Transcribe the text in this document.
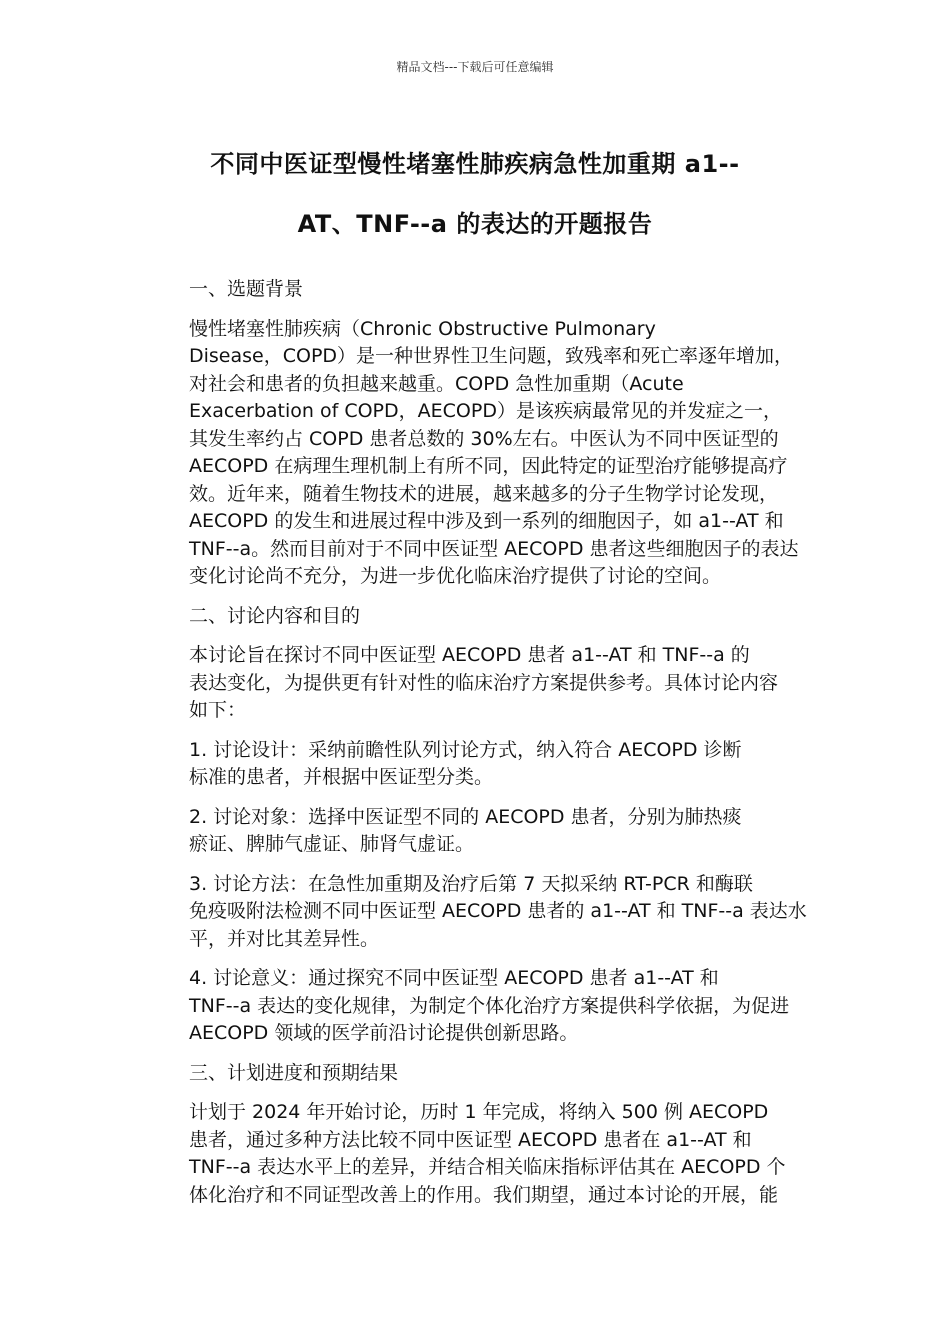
精品文档---下载后可任意编辑
不同中医证型慢性堵塞性肺疾病急性加重期 a1--
AT、TNF--a 的表达的开题报告

一、选题背景

慢性堵塞性肺疾病（Chronic Obstructive Pulmonary
Disease，COPD）是一种世界性卫生问题，致残率和死亡率逐年增加，
对社会和患者的负担越来越重。COPD 急性加重期（Acute
Exacerbation of COPD，AECOPD）是该疾病最常见的并发症之一，
其发生率约占 COPD 患者总数的 30%左右。中医认为不同中医证型的
AECOPD 在病理生理机制上有所不同，因此特定的证型治疗能够提高疗
效。近年来，随着生物技术的进展，越来越多的分子生物学讨论发现，
AECOPD 的发生和进展过程中涉及到一系列的细胞因子，如 a1--AT 和
TNF--a。然而目前对于不同中医证型 AECOPD 患者这些细胞因子的表达
变化讨论尚不充分，为进一步优化临床治疗提供了讨论的空间。

二、讨论内容和目的

本讨论旨在探讨不同中医证型 AECOPD 患者 a1--AT 和 TNF--a 的
表达变化，为提供更有针对性的临床治疗方案提供参考。具体讨论内容
如下：

1. 讨论设计：采纳前瞻性队列讨论方式，纳入符合 AECOPD 诊断
标准的患者，并根据中医证型分类。

2. 讨论对象：选择中医证型不同的 AECOPD 患者，分别为肺热痰
瘀证、脾肺气虚证、肺肾气虚证。

3. 讨论方法：在急性加重期及治疗后第 7 天拟采纳 RT-PCR 和酶联
免疫吸附法检测不同中医证型 AECOPD 患者的 a1--AT 和 TNF--a 表达水
平，并对比其差异性。

4. 讨论意义：通过探究不同中医证型 AECOPD 患者 a1--AT 和
TNF--a 表达的变化规律，为制定个体化治疗方案提供科学依据，为促进
AECOPD 领域的医学前沿讨论提供创新思路。

三、计划进度和预期结果

计划于 2024 年开始讨论，历时 1 年完成，将纳入 500 例 AECOPD
患者，通过多种方法比较不同中医证型 AECOPD 患者在 a1--AT 和
TNF--a 表达水平上的差异，并结合相关临床指标评估其在 AECOPD 个
体化治疗和不同证型改善上的作用。我们期望，通过本讨论的开展，能
